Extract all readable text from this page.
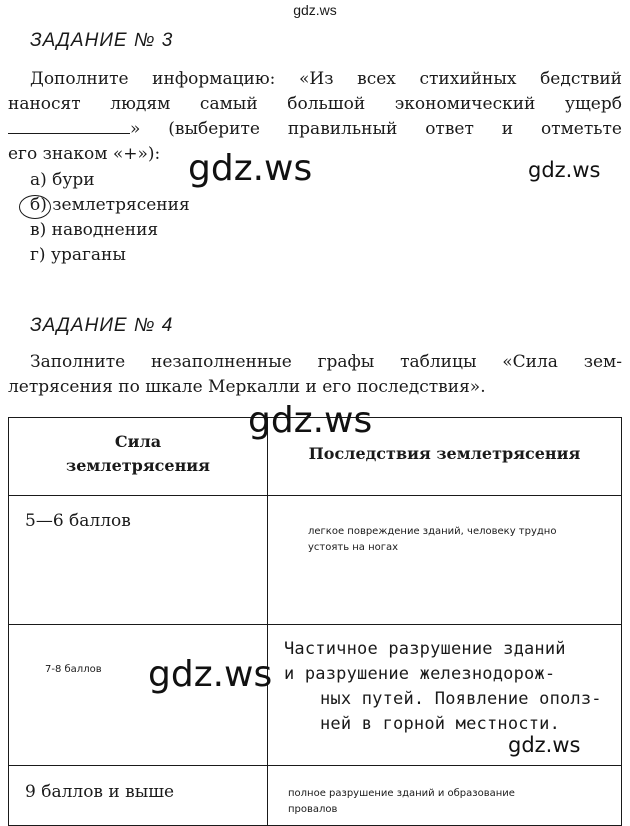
gdz.ws
ЗАДАНИЕ № 3
Дополните информацию: «Из всех стихийных бедствий
наносят людям самый большой экономический ущерб
» (выберите правильный ответ и отметьте
его знаком «+»):
а) бури
б) землетрясения
в) наводнения
г) ураганы
ЗАДАНИЕ № 4
Заполните незаполненные графы таблицы «Сила зем-
летрясения по шкале Меркалли и его последствия».
Сила
землетрясения	Последствия землетрясения
5—6 баллов	легкое повреждение зданий, человеку трудно
устоять на ногах

7-8 баллов	Частичное разрушение зданий
и разрушение железнодорож-
ных путей. Появление ополз-
ней в горной местности.

9 баллов и выше	полное разрушение зданий и образование
провалов
gdz.ws	gdz.ws
gdz.ws
gdz.ws
gdz.ws
